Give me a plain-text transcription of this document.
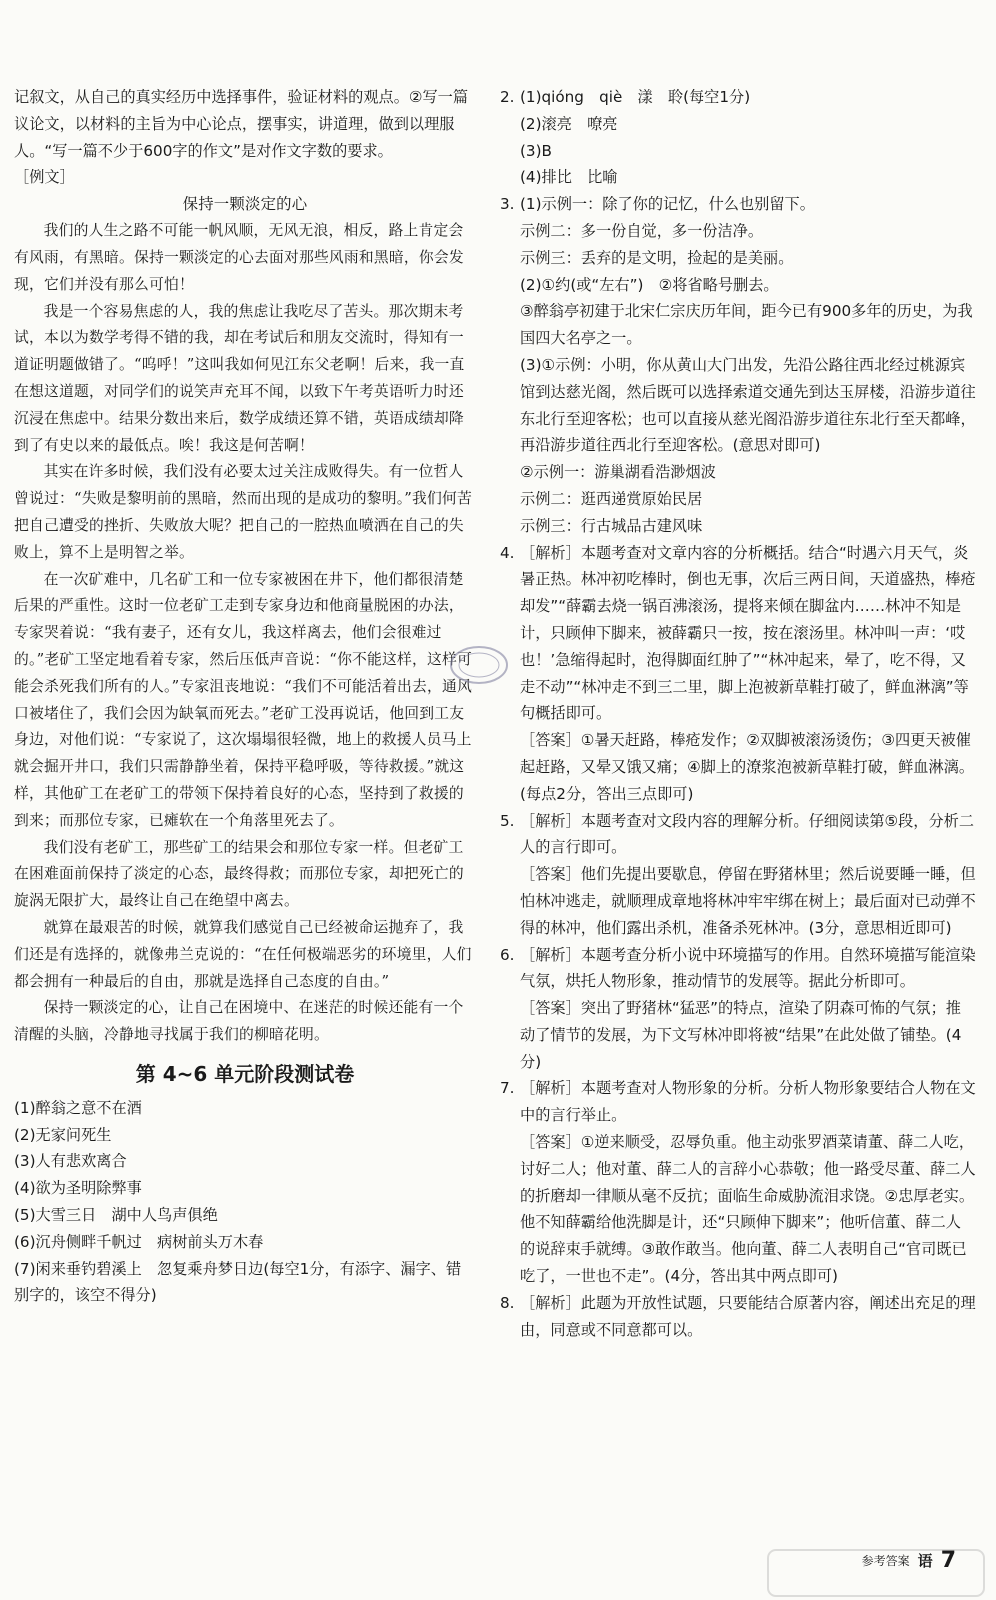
记叙文，从自己的真实经历中选择事件，验证材料的观点。②写一篇议论文，以材料的主旨为中心论点，摆事实，讲道理，做到以理服人。“写一篇不少于600字的作文”是对作文字数的要求。

［例文］

保持一颗淡定的心

我们的人生之路不可能一帆风顺，无风无浪，相反，路上肯定会有风雨，有黑暗。保持一颗淡定的心去面对那些风雨和黑暗，你会发现，它们并没有那么可怕！

我是一个容易焦虑的人，我的焦虑让我吃尽了苦头。那次期末考试，本以为数学考得不错的我，却在考试后和朋友交流时，得知有一道证明题做错了。“呜呼！”这叫我如何见江东父老啊！后来，我一直在想这道题，对同学们的说笑声充耳不闻，以致下午考英语听力时还沉浸在焦虑中。结果分数出来后，数学成绩还算不错，英语成绩却降到了有史以来的最低点。唉！我这是何苦啊！

其实在许多时候，我们没有必要太过关注成败得失。有一位哲人曾说过：“失败是黎明前的黑暗，然而出现的是成功的黎明。”我们何苦把自己遭受的挫折、失败放大呢？把自己的一腔热血喷洒在自己的失败上，算不上是明智之举。

在一次矿难中，几名矿工和一位专家被困在井下，他们都很清楚后果的严重性。这时一位老矿工走到专家身边和他商量脱困的办法，专家哭着说：“我有妻子，还有女儿，我这样离去，他们会很难过的。”老矿工坚定地看着专家，然后压低声音说：“你不能这样，这样可能会杀死我们所有的人。”专家沮丧地说：“我们不可能活着出去，通风口被堵住了，我们会因为缺氧而死去。”老矿工没再说话，他回到工友身边，对他们说：“专家说了，这次塌塌很轻微，地上的救援人员马上就会掘开井口，我们只需静静坐着，保持平稳呼吸，等待救援。”就这样，其他矿工在老矿工的带领下保持着良好的心态，坚持到了救援的到来；而那位专家，已瘫软在一个角落里死去了。

我们没有老矿工，那些矿工的结果会和那位专家一样。但老矿工在困难面前保持了淡定的心态，最终得救；而那位专家，却把死亡的旋涡无限扩大，最终让自己在绝望中离去。

就算在最艰苦的时候，就算我们感觉自己已经被命运抛弃了，我们还是有选择的，就像弗兰克说的：“在任何极端恶劣的环境里，人们都会拥有一种最后的自由，那就是选择自己态度的自由。”

保持一颗淡定的心，让自己在困境中、在迷茫的时候还能有一个清醒的头脑，冷静地寻找属于我们的柳暗花明。

第 4~6 单元阶段测试卷

(1)醉翁之意不在酒

(2)无家问死生

(3)人有悲欢离合

(4)欲为圣明除弊事

(5)大雪三日　湖中人鸟声俱绝

(6)沉舟侧畔千帆过　病树前头万木春

(7)闲来垂钓碧溪上　忽复乘舟梦日边(每空1分，有添字、漏字、错别字的，该空不得分)

2. (1)qióng　qiè　漾　聆(每空1分)

(2)滚亮　嘹亮

(3)B

(4)排比　比喻

3. (1)示例一：除了你的记忆，什么也别留下。

示例二：多一份自觉，多一份洁净。

示例三：丢弃的是文明，捡起的是美丽。

(2)①约(或“左右”)　②将省略号删去。

③醉翁亭初建于北宋仁宗庆历年间，距今已有900多年的历史，为我国四大名亭之一。

(3)①示例：小明，你从黄山大门出发，先沿公路往西北经过桃源宾馆到达慈光阁，然后既可以选择索道交通先到达玉屏楼，沿游步道往东北行至迎客松；也可以直接从慈光阁沿游步道往东北行至天都峰，再沿游步道往西北行至迎客松。(意思对即可)

②示例一：游巢湖看浩渺烟波

示例二：逛西递赏原始民居

示例三：行古城品古建风味

4. ［解析］本题考查对文章内容的分析概括。结合“时遇六月天气，炎暑正热。林冲初吃棒时，倒也无事，次后三两日间，天道盛热，棒疮却发”“薛霸去烧一锅百沸滚汤，提将来倾在脚盆内……林冲不知是计，只顾伸下脚来，被薛霸只一按，按在滚汤里。林冲叫一声：‘哎也！’急缩得起时，泡得脚面红肿了”“林冲起来，晕了，吃不得，又走不动”“林冲走不到三二里，脚上泡被新草鞋打破了，鲜血淋漓”等句概括即可。

［答案］①暑天赶路，棒疮发作；②双脚被滚汤烫伤；③四更天被催起赶路，又晕又饿又痛；④脚上的潦浆泡被新草鞋打破，鲜血淋漓。(每点2分，答出三点即可)

5. ［解析］本题考查对文段内容的理解分析。仔细阅读第⑤段，分析二人的言行即可。

［答案］他们先提出要歇息，停留在野猪林里；然后说要睡一睡，但怕林冲逃走，就顺理成章地将林冲牢牢绑在树上；最后面对已动弹不得的林冲，他们露出杀机，准备杀死林冲。(3分，意思相近即可)

6. ［解析］本题考查分析小说中环境描写的作用。自然环境描写能渲染气氛，烘托人物形象，推动情节的发展等。据此分析即可。

［答案］突出了野猪林“猛恶”的特点，渲染了阴森可怖的气氛；推动了情节的发展，为下文写林冲即将被“结果”在此处做了铺垫。(4分)

7. ［解析］本题考查对人物形象的分析。分析人物形象要结合人物在文中的言行举止。

［答案］①逆来顺受，忍辱负重。他主动张罗酒菜请董、薛二人吃，讨好二人；他对董、薛二人的言辞小心恭敬；他一路受尽董、薛二人的折磨却一律顺从毫不反抗；面临生命威胁流泪求饶。②忠厚老实。他不知薛霸给他洗脚是计，还“只顾伸下脚来”；他听信董、薛二人的说辞束手就缚。③敢作敢当。他向董、薛二人表明自己“官司既已吃了，一世也不走”。(4分，答出其中两点即可)

8. ［解析］此题为开放性试题，只要能结合原著内容，阐述出充足的理由，同意或不同意都可以。

参考答案 语 7
